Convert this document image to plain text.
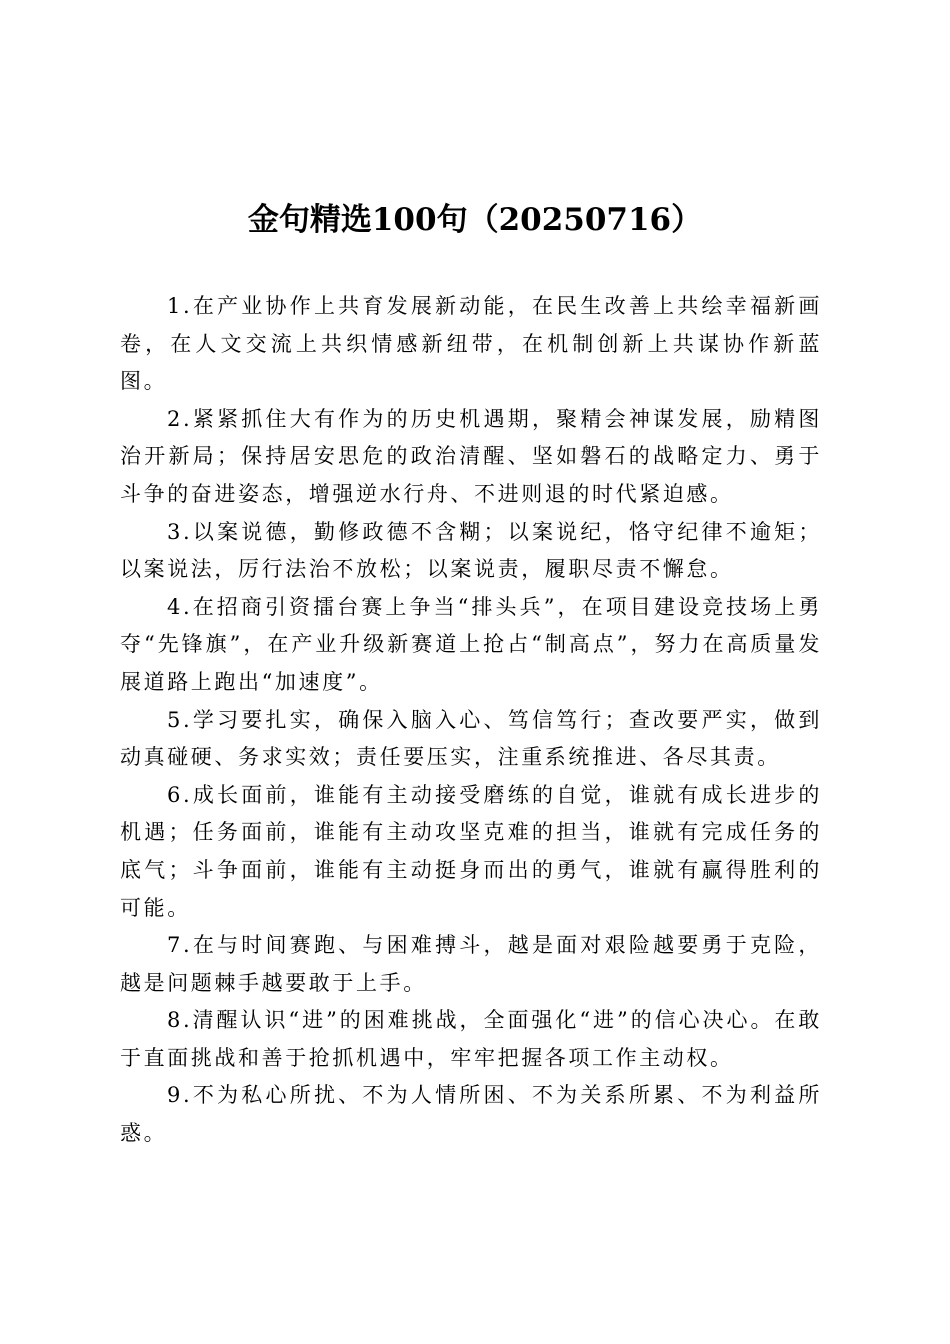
金句精选100句（20250716）

1.在产业协作上共育发展新动能，在民生改善上共绘幸福新画卷，在人文交流上共织情感新纽带，在机制创新上共谋协作新蓝图。

2.紧紧抓住大有作为的历史机遇期，聚精会神谋发展，励精图治开新局；保持居安思危的政治清醒、坚如磐石的战略定力、勇于斗争的奋进姿态，增强逆水行舟、不进则退的时代紧迫感。

3.以案说德，勤修政德不含糊；以案说纪，恪守纪律不逾矩；以案说法，厉行法治不放松；以案说责，履职尽责不懈怠。

4.在招商引资擂台赛上争当“排头兵”，在项目建设竞技场上勇夺“先锋旗”，在产业升级新赛道上抢占“制高点”，努力在高质量发展道路上跑出“加速度”。

5.学习要扎实，确保入脑入心、笃信笃行；查改要严实，做到动真碰硬、务求实效；责任要压实，注重系统推进、各尽其责。

6.成长面前，谁能有主动接受磨练的自觉，谁就有成长进步的机遇；任务面前，谁能有主动攻坚克难的担当，谁就有完成任务的底气；斗争面前，谁能有主动挺身而出的勇气，谁就有赢得胜利的可能。

7.在与时间赛跑、与困难搏斗，越是面对艰险越要勇于克险，越是问题棘手越要敢于上手。

8.清醒认识“进”的困难挑战，全面强化“进”的信心决心。在敢于直面挑战和善于抢抓机遇中，牢牢把握各项工作主动权。

9.不为私心所扰、不为人情所困、不为关系所累、不为利益所惑。
